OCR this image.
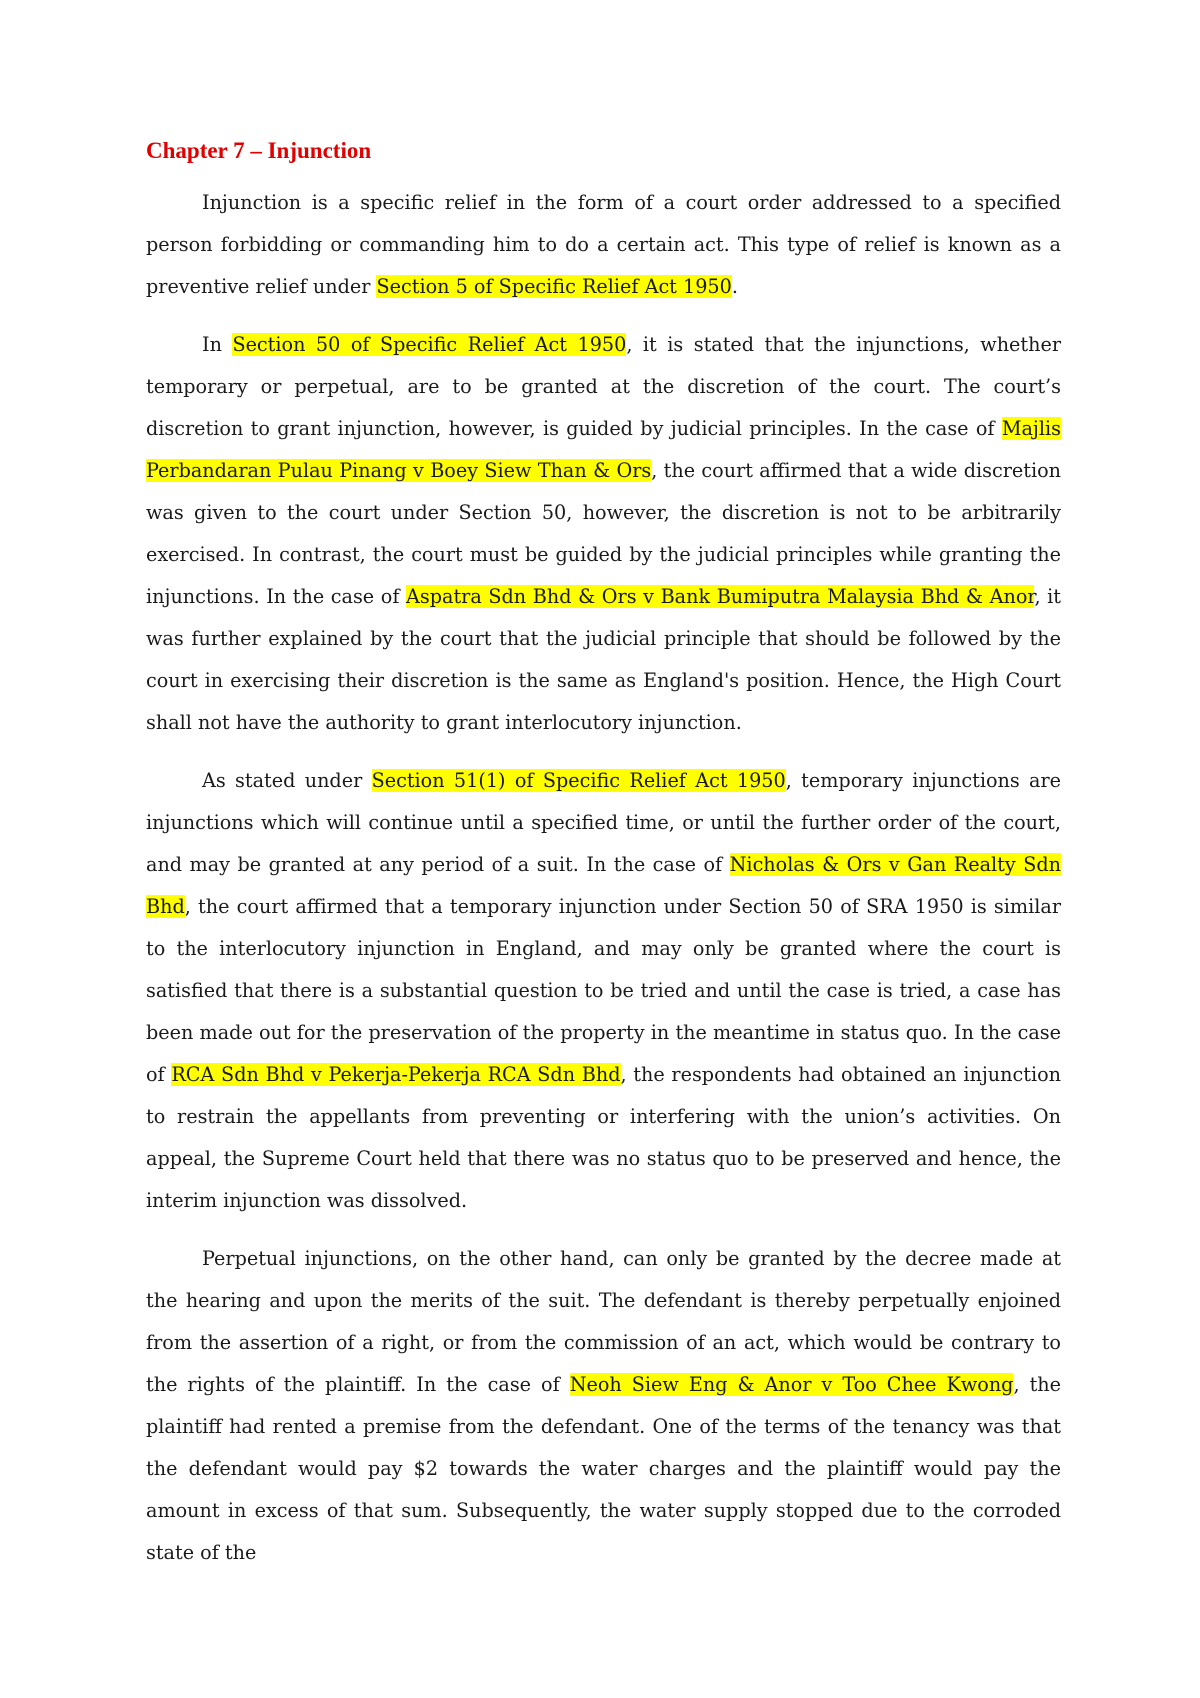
Chapter 7 – Injunction

Injunction is a specific relief in the form of a court order addressed to a specified person forbidding or commanding him to do a certain act. This type of relief is known as a preventive relief under Section 5 of Specific Relief Act 1950.

In Section 50 of Specific Relief Act 1950, it is stated that the injunctions, whether temporary or perpetual, are to be granted at the discretion of the court. The court’s discretion to grant injunction, however, is guided by judicial principles. In the case of Majlis Perbandaran Pulau Pinang v Boey Siew Than & Ors, the court affirmed that a wide discretion was given to the court under Section 50, however, the discretion is not to be arbitrarily exercised. In contrast, the court must be guided by the judicial principles while granting the injunctions. In the case of Aspatra Sdn Bhd & Ors v Bank Bumiputra Malaysia Bhd & Anor, it was further explained by the court that the judicial principle that should be followed by the court in exercising their discretion is the same as England's position. Hence, the High Court shall not have the authority to grant interlocutory injunction.

As stated under Section 51(1) of Specific Relief Act 1950, temporary injunctions are injunctions which will continue until a specified time, or until the further order of the court, and may be granted at any period of a suit. In the case of Nicholas & Ors v Gan Realty Sdn Bhd, the court affirmed that a temporary injunction under Section 50 of SRA 1950 is similar to the interlocutory injunction in England, and may only be granted where the court is satisfied that there is a substantial question to be tried and until the case is tried, a case has been made out for the preservation of the property in the meantime in status quo. In the case of RCA Sdn Bhd v Pekerja-Pekerja RCA Sdn Bhd, the respondents had obtained an injunction to restrain the appellants from preventing or interfering with the union’s activities. On appeal, the Supreme Court held that there was no status quo to be preserved and hence, the interim injunction was dissolved.

Perpetual injunctions, on the other hand, can only be granted by the decree made at the hearing and upon the merits of the suit. The defendant is thereby perpetually enjoined from the assertion of a right, or from the commission of an act, which would be contrary to the rights of the plaintiff. In the case of Neoh Siew Eng & Anor v Too Chee Kwong, the plaintiff had rented a premise from the defendant. One of the terms of the tenancy was that the defendant would pay $2 towards the water charges and the plaintiff would pay the amount in excess of that sum. Subsequently, the water supply stopped due to the corroded state of the
